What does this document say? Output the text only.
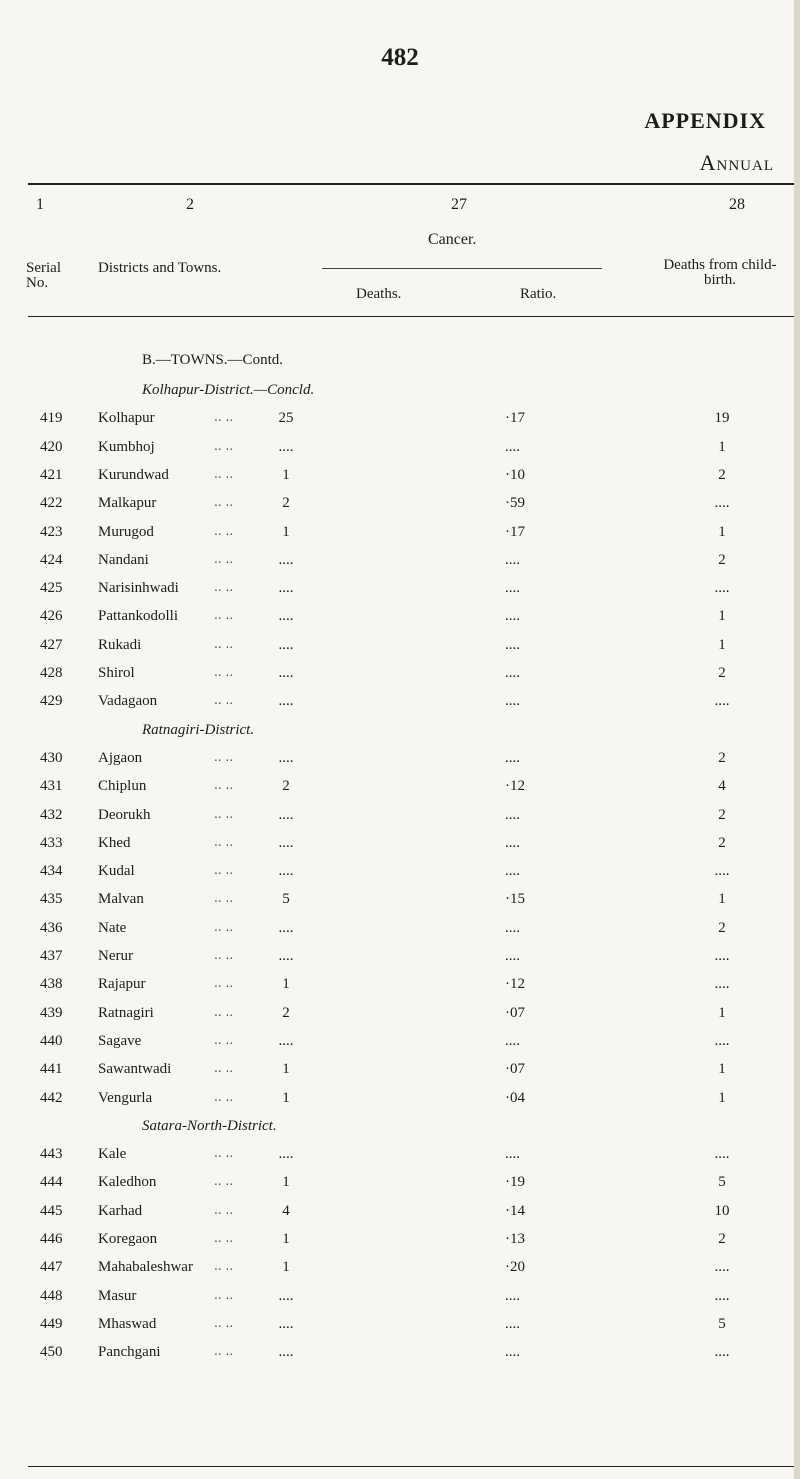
482
APPENDIX
Annual
1	2	27	28
Cancer.
Serial No.
Districts and Towns.	Deaths from child-birth.
Deaths.	Ratio.
B.—TOWNS.—Contd.
Kolhapur-District.—Concld.
419	Kolhapur	.. ..	25	·17	19
420	Kumbhoj	.. ..	....	....	1
421	Kurundwad	.. ..	1	·10	2
422	Malkapur	.. ..	2	·59	....
423	Murugod	.. ..	1	·17	1
424	Nandani	.. ..	....	....	2
425	Narisinhwadi	.. ..	....	....	....
426	Pattankodolli	.. ..	....	....	1
427	Rukadi	.. ..	....	....	1
428	Shirol	.. ..	....	....	2
429	Vadagaon	.. ..	....	....	....
Ratnagiri-District.
430	Ajgaon	.. ..	....	....	2
431	Chiplun	.. ..	2	·12	4
432	Deorukh	.. ..	....	....	2
433	Khed	.. ..	....	....	2
434	Kudal	.. ..	....	....	....
435	Malvan	.. ..	5	·15	1
436	Nate	.. ..	....	....	2
437	Nerur	.. ..	....	....	....
438	Rajapur	.. ..	1	·12	....
439	Ratnagiri	.. ..	2	·07	1
440	Sagave	.. ..	....	....	....
441	Sawantwadi	.. ..	1	·07	1
442	Vengurla	.. ..	1	·04	1
Satara-North-District.
443	Kale	.. ..	....	....	....
444	Kaledhon	.. ..	1	·19	5
445	Karhad	.. ..	4	·14	10
446	Koregaon	.. ..	1	·13	2
447	Mahabaleshwar .. ..	1	·20	....
448	Masur	.. ..	....	....	....
449	Mhaswad	.. ..	....	....	5
450	Panchgani	.. ..	....	....	....
